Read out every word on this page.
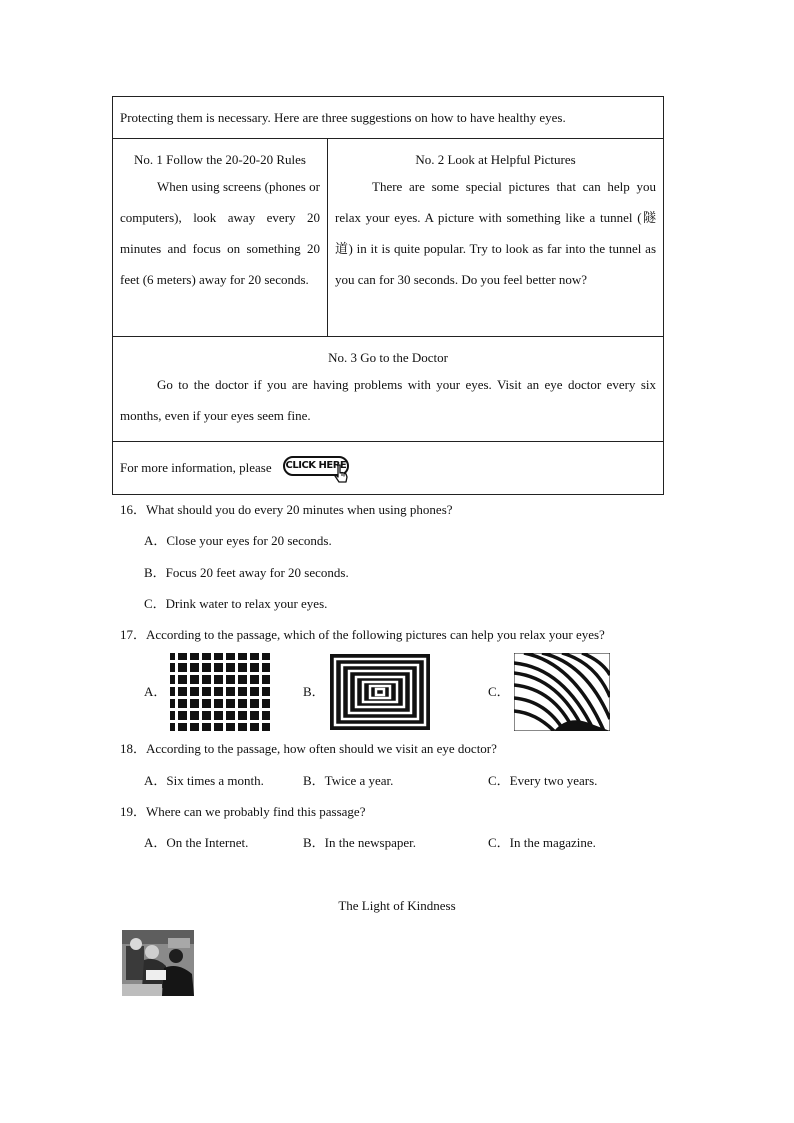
Protecting them is necessary. Here are three suggestions on how to have healthy eyes.

No. 1 Follow the 20-20-20 Rules

When using screens (phones or computers), look away every 20 minutes and focus on something 20 feet (6 meters) away for 20 seconds.

No. 2 Look at Helpful Pictures

There are some special pictures that can help you relax your eyes. A picture with something like a tunnel (隧道) in it is quite popular. Try to look as far into the tunnel as you can for 30 seconds. Do you feel better now?

No. 3 Go to the Doctor

Go to the doctor if you are having problems with your eyes. Visit an eye doctor every six months, even if your eyes seem fine.

For more information, please CLICK HERE
16．What should you do every 20 minutes when using phones?
A．Close your eyes for 20 seconds.
B．Focus 20 feet away for 20 seconds.
C．Drink water to relax your eyes.
17．According to the passage, which of the following pictures can help you relax your eyes?
A．	B．	C．
18．According to the passage, how often should we visit an eye doctor?
A．Six times a month.	B．Twice a year.	C．Every two years.
19．Where can we probably find this passage?
A．On the Internet.	B．In the newspaper.	C．In the magazine.
The Light of Kindness
